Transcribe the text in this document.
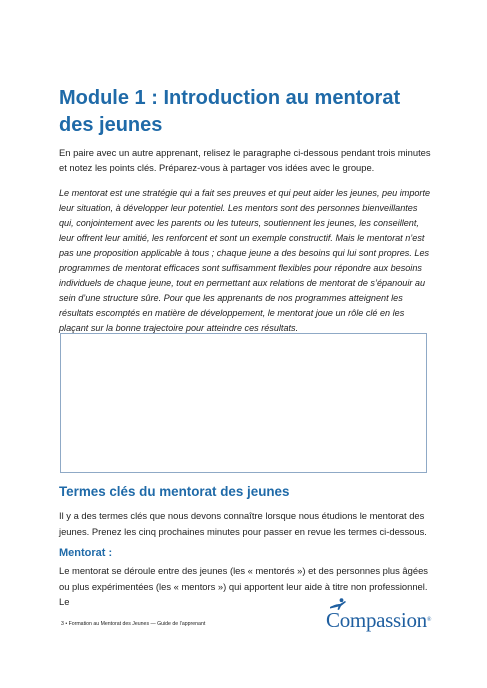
Module 1 : Introduction au mentorat des jeunes

En paire avec un autre apprenant, relisez le paragraphe ci-dessous pendant trois minutes et notez les points clés. Préparez-vous à partager vos idées avec le groupe.

Le mentorat est une stratégie qui a fait ses preuves et qui peut aider les jeunes, peu importe leur situation, à développer leur potentiel. Les mentors sont des personnes bienveillantes qui, conjointement avec les parents ou les tuteurs, soutiennent les jeunes, les conseillent, leur offrent leur amitié, les renforcent et sont un exemple constructif. Mais le mentorat n’est pas une proposition applicable à tous ; chaque jeune a des besoins qui lui sont propres. Les programmes de mentorat efficaces sont suffisamment flexibles pour répondre aux besoins individuels de chaque jeune, tout en permettant aux relations de mentorat de s’épanouir au sein d’une structure sûre. Pour que les apprenants de nos programmes atteignent les résultats escomptés en matière de développement, le mentorat joue un rôle clé en les plaçant sur la bonne trajectoire pour atteindre ces résultats.

Termes clés du mentorat des jeunes

Il y a des termes clés que nous devons connaître lorsque nous étudions le mentorat des jeunes. Prenez les cinq prochaines minutes pour passer en revue les termes ci-dessous.

Mentorat :

Le mentorat se déroule entre des jeunes (les « mentorés ») et des personnes plus âgées ou plus expérimentées (les « mentors ») qui apportent leur aide à titre non professionnel. Le

3 • Formation au Mentorat des Jeunes — Guide de l’apprenant	Compassion®
